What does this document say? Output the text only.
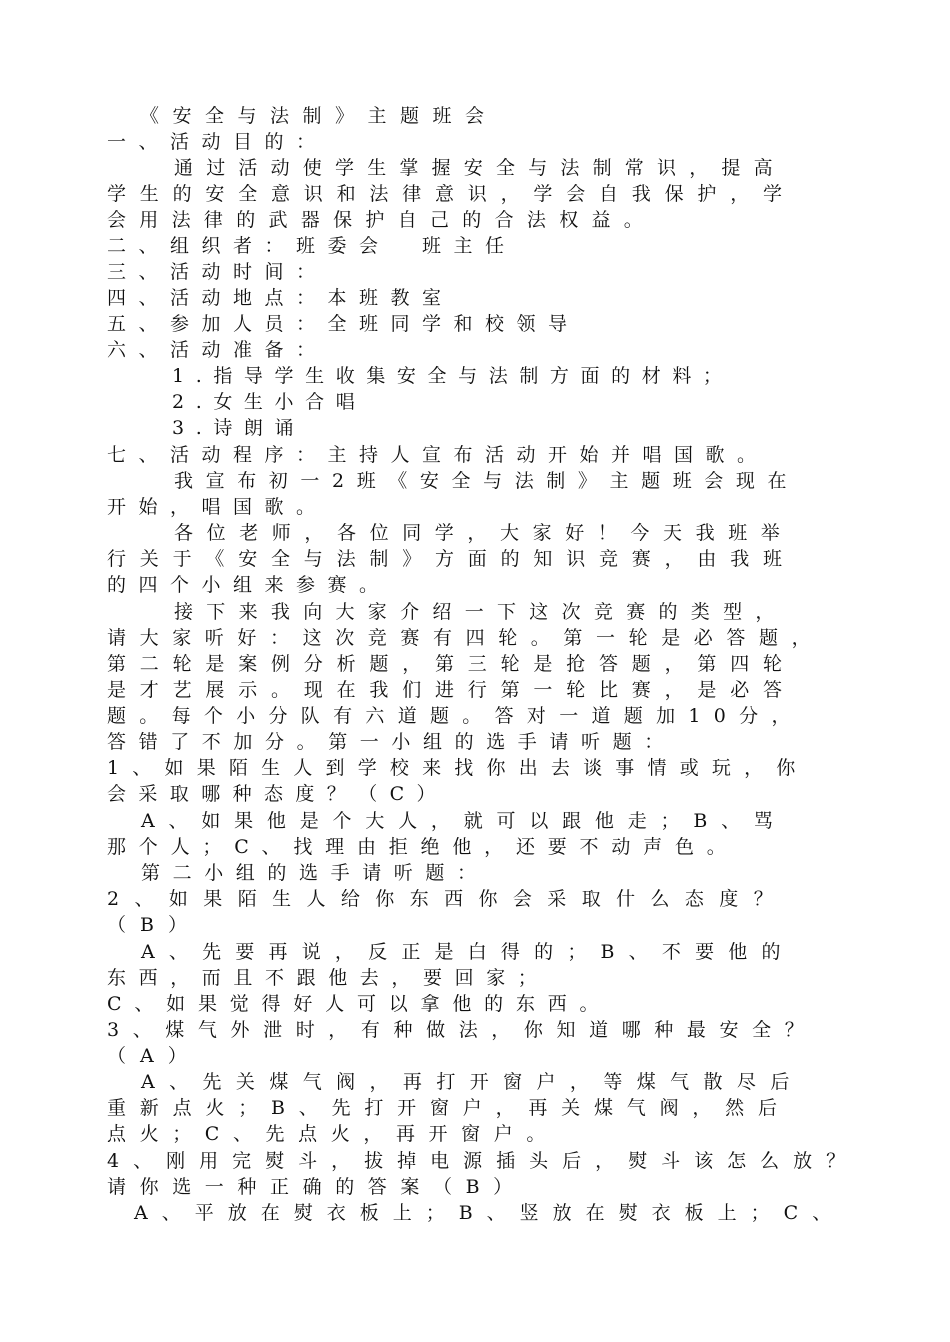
《安全与法制》主题班会
一、活动目的：
通过活动使学生掌握安全与法制常识，提高
学生的安全意识和法律意识，学会自我保护，学
会用法律的武器保护自己的合法权益。
二、组织者：班委会　班主任
三、活动时间：
四、活动地点：本班教室
五、参加人员：全班同学和校领导
六、活动准备：
1.指导学生收集安全与法制方面的材料；
2.女生小合唱
3.诗朗诵
七、活动程序：主持人宣布活动开始并唱国歌。
我宣布初一2班《安全与法制》主题班会现在
开始，唱国歌。
各位老师，各位同学，大家好！今天我班举
行关于《安全与法制》方面的知识竞赛，由我班
的四个小组来参赛。
接下来我向大家介绍一下这次竞赛的类型，
请大家听好：这次竞赛有四轮。第一轮是必答题，
第二轮是案例分析题，第三轮是抢答题，第四轮
是才艺展示。现在我们进行第一轮比赛，是必答
题。每个小分队有六道题。答对一道题加10分，
答错了不加分。第一小组的选手请听题：
1、如果陌生人到学校来找你出去谈事情或玩，你
会采取哪种态度？（C）
A、如果他是个大人，就可以跟他走；B、骂
那个人；C、找理由拒绝他，还要不动声色。
第二小组的选手请听题：
2、如果陌生人给你东西你会采取什么态度？
（B）
A、先要再说，反正是白得的；B、不要他的
东西，而且不跟他去，要回家；
C、如果觉得好人可以拿他的东西。
3、煤气外泄时，有种做法，你知道哪种最安全？
（A）
A、先关煤气阀，再打开窗户，等煤气散尽后
重新点火；B、先打开窗户，再关煤气阀，然后
点火；C、先点火，再开窗户。
4、刚用完熨斗，拔掉电源插头后，熨斗该怎么放？
请你选一种正确的答案（B）
A、平放在熨衣板上；B、竖放在熨衣板上；C、
